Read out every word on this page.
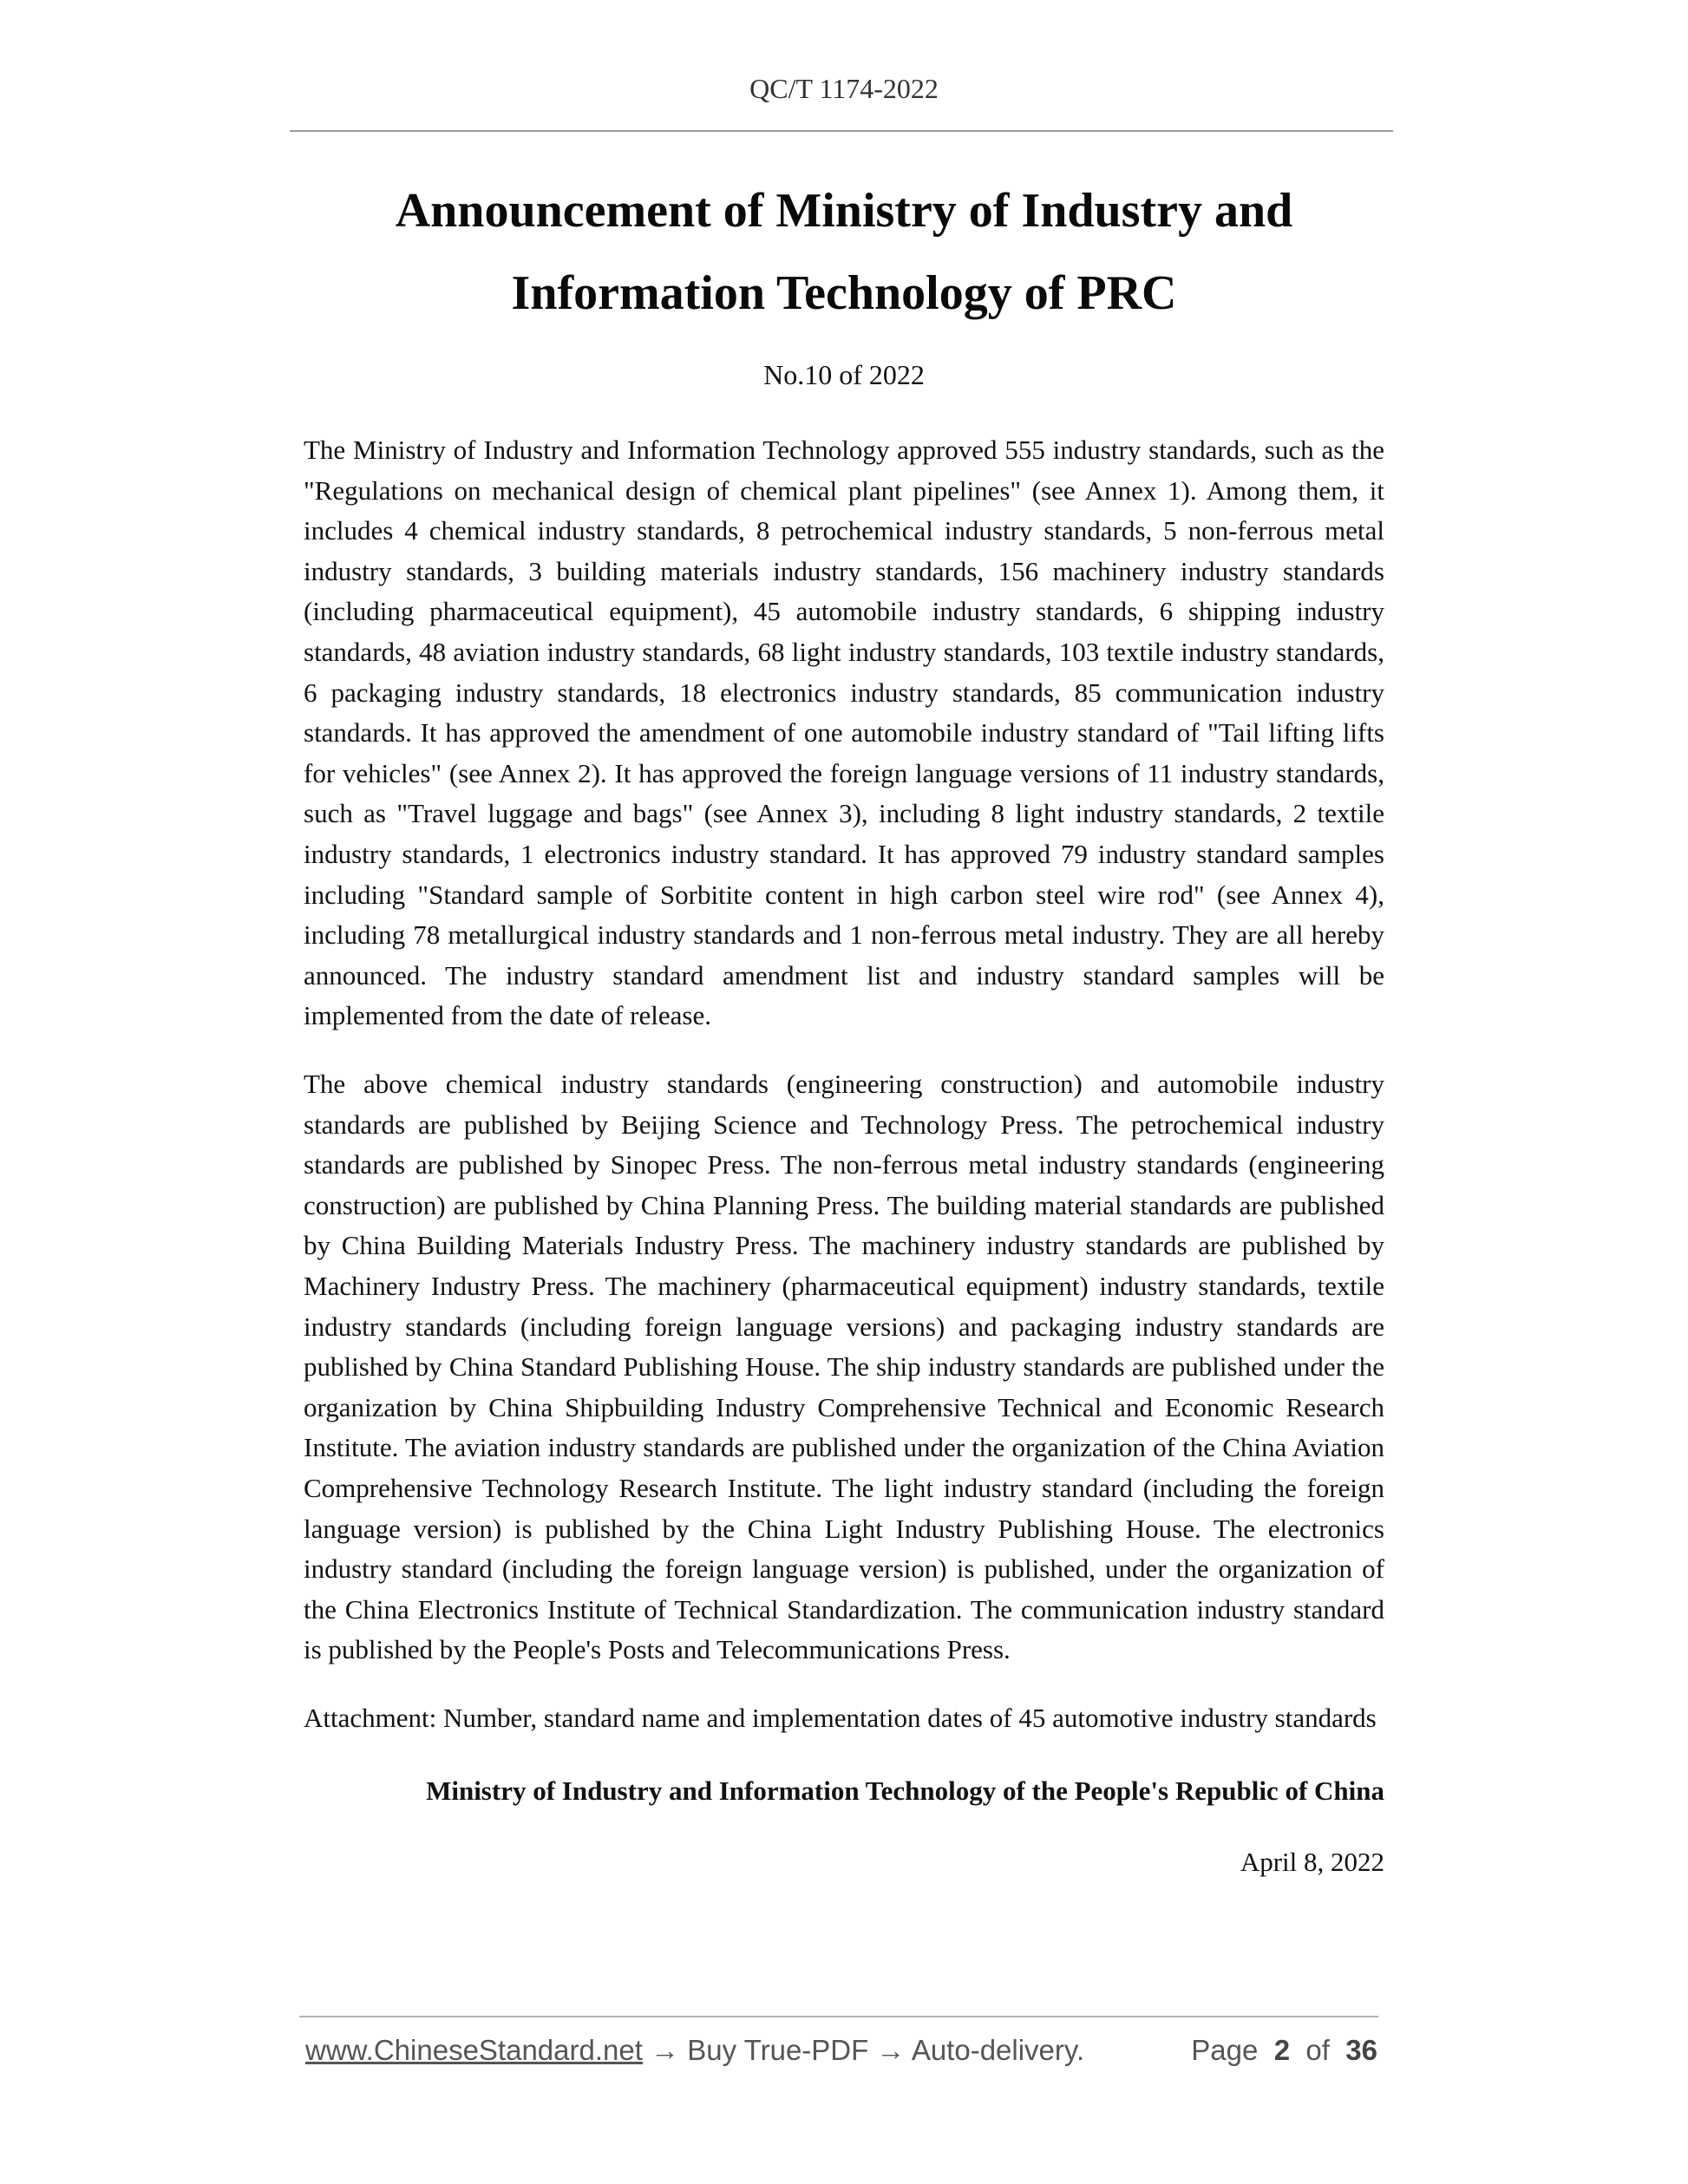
QC/T 1174-2022
Announcement of Ministry of Industry and
Information Technology of PRC
No.10 of 2022

The Ministry of Industry and Information Technology approved 555 industry standards, such as the "Regulations on mechanical design of chemical plant pipelines" (see Annex 1). Among them, it includes 4 chemical industry standards, 8 petrochemical industry standards, 5 non-ferrous metal industry standards, 3 building materials industry standards, 156 machinery industry standards (including pharmaceutical equipment), 45 automobile industry standards, 6 shipping industry standards, 48 aviation industry standards, 68 light industry standards, 103 textile industry standards, 6 packaging industry standards, 18 electronics industry standards, 85 communication industry standards. It has approved the amendment of one automobile industry standard of "Tail lifting lifts for vehicles" (see Annex 2). It has approved the foreign language versions of 11 industry standards, such as "Travel luggage and bags" (see Annex 3), including 8 light industry standards, 2 textile industry standards, 1 electronics industry standard. It has approved 79 industry standard samples including "Standard sample of Sorbitite content in high carbon steel wire rod" (see Annex 4), including 78 metallurgical industry standards and 1 non-ferrous metal industry. They are all hereby announced. The industry standard amendment list and industry standard samples will be implemented from the date of release.

The above chemical industry standards (engineering construction) and automobile industry standards are published by Beijing Science and Technology Press. The petrochemical industry standards are published by Sinopec Press. The non-ferrous metal industry standards (engineering construction) are published by China Planning Press. The building material standards are published by China Building Materials Industry Press. The machinery industry standards are published by Machinery Industry Press. The machinery (pharmaceutical equipment) industry standards, textile industry standards (including foreign language versions) and packaging industry standards are published by China Standard Publishing House. The ship industry standards are published under the organization by China Shipbuilding Industry Comprehensive Technical and Economic Research Institute. The aviation industry standards are published under the organization of the China Aviation Comprehensive Technology Research Institute. The light industry standard (including the foreign language version) is published by the China Light Industry Publishing House. The electronics industry standard (including the foreign language version) is published, under the organization of the China Electronics Institute of Technical Standardization. The communication industry standard is published by the People's Posts and Telecommunications Press.

Attachment: Number, standard name and implementation dates of 45 automotive industry standards

Ministry of Industry and Information Technology of the People's Republic of China

April 8, 2022

www.ChineseStandard.net → Buy True-PDF → Auto-delivery.	Page 2 of 36
